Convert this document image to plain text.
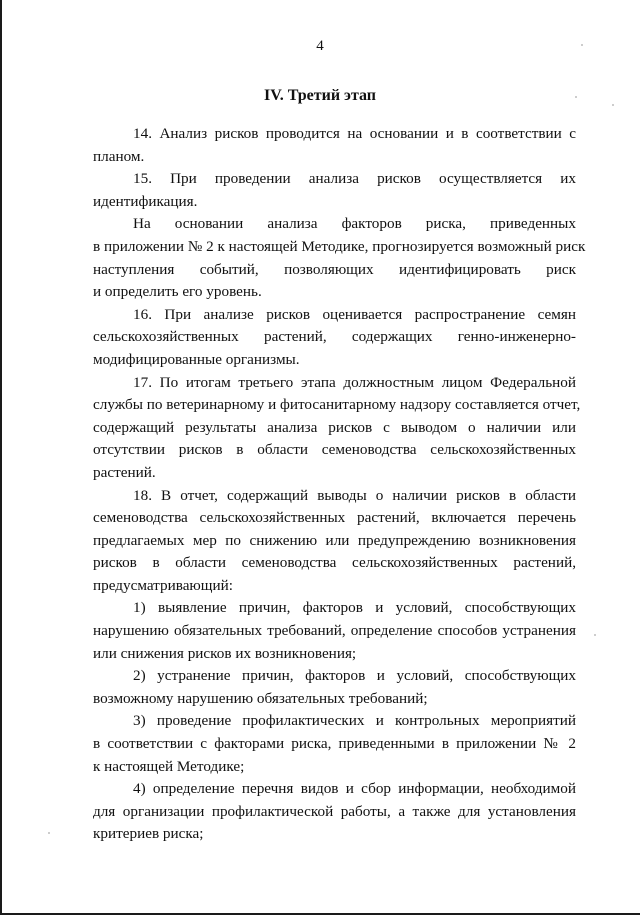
4
IV. Третий этап
14. Анализ рисков проводится на основании и в соответствии с
планом.
15. При проведении анализа рисков осуществляется их
идентификация.
На основании анализа факторов риска, приведенных
в приложении № 2 к настоящей Методике, прогнозируется возможный риск
наступления событий, позволяющих идентифицировать риск
и определить его уровень.
16. При анализе рисков оценивается распространение семян
сельскохозяйственных растений, содержащих генно-инженерно-
модифицированные организмы.
17. По итогам третьего этапа должностным лицом Федеральной
службы по ветеринарному и фитосанитарному надзору составляется отчет,
содержащий результаты анализа рисков с выводом о наличии или
отсутствии рисков в области семеноводства сельскохозяйственных
растений.
18. В отчет, содержащий выводы о наличии рисков в области
семеноводства сельскохозяйственных растений, включается перечень
предлагаемых мер по снижению или предупреждению возникновения
рисков в области семеноводства сельскохозяйственных растений,
предусматривающий:
1) выявление причин, факторов и условий, способствующих
нарушению обязательных требований, определение способов устранения
или снижения рисков их возникновения;
2) устранение причин, факторов и условий, способствующих
возможному нарушению обязательных требований;
3) проведение профилактических и контрольных мероприятий
в соответствии с факторами риска, приведенными в приложении № 2
к настоящей Методике;
4) определение перечня видов и сбор информации, необходимой
для организации профилактической работы, а также для установления
критериев риска;
